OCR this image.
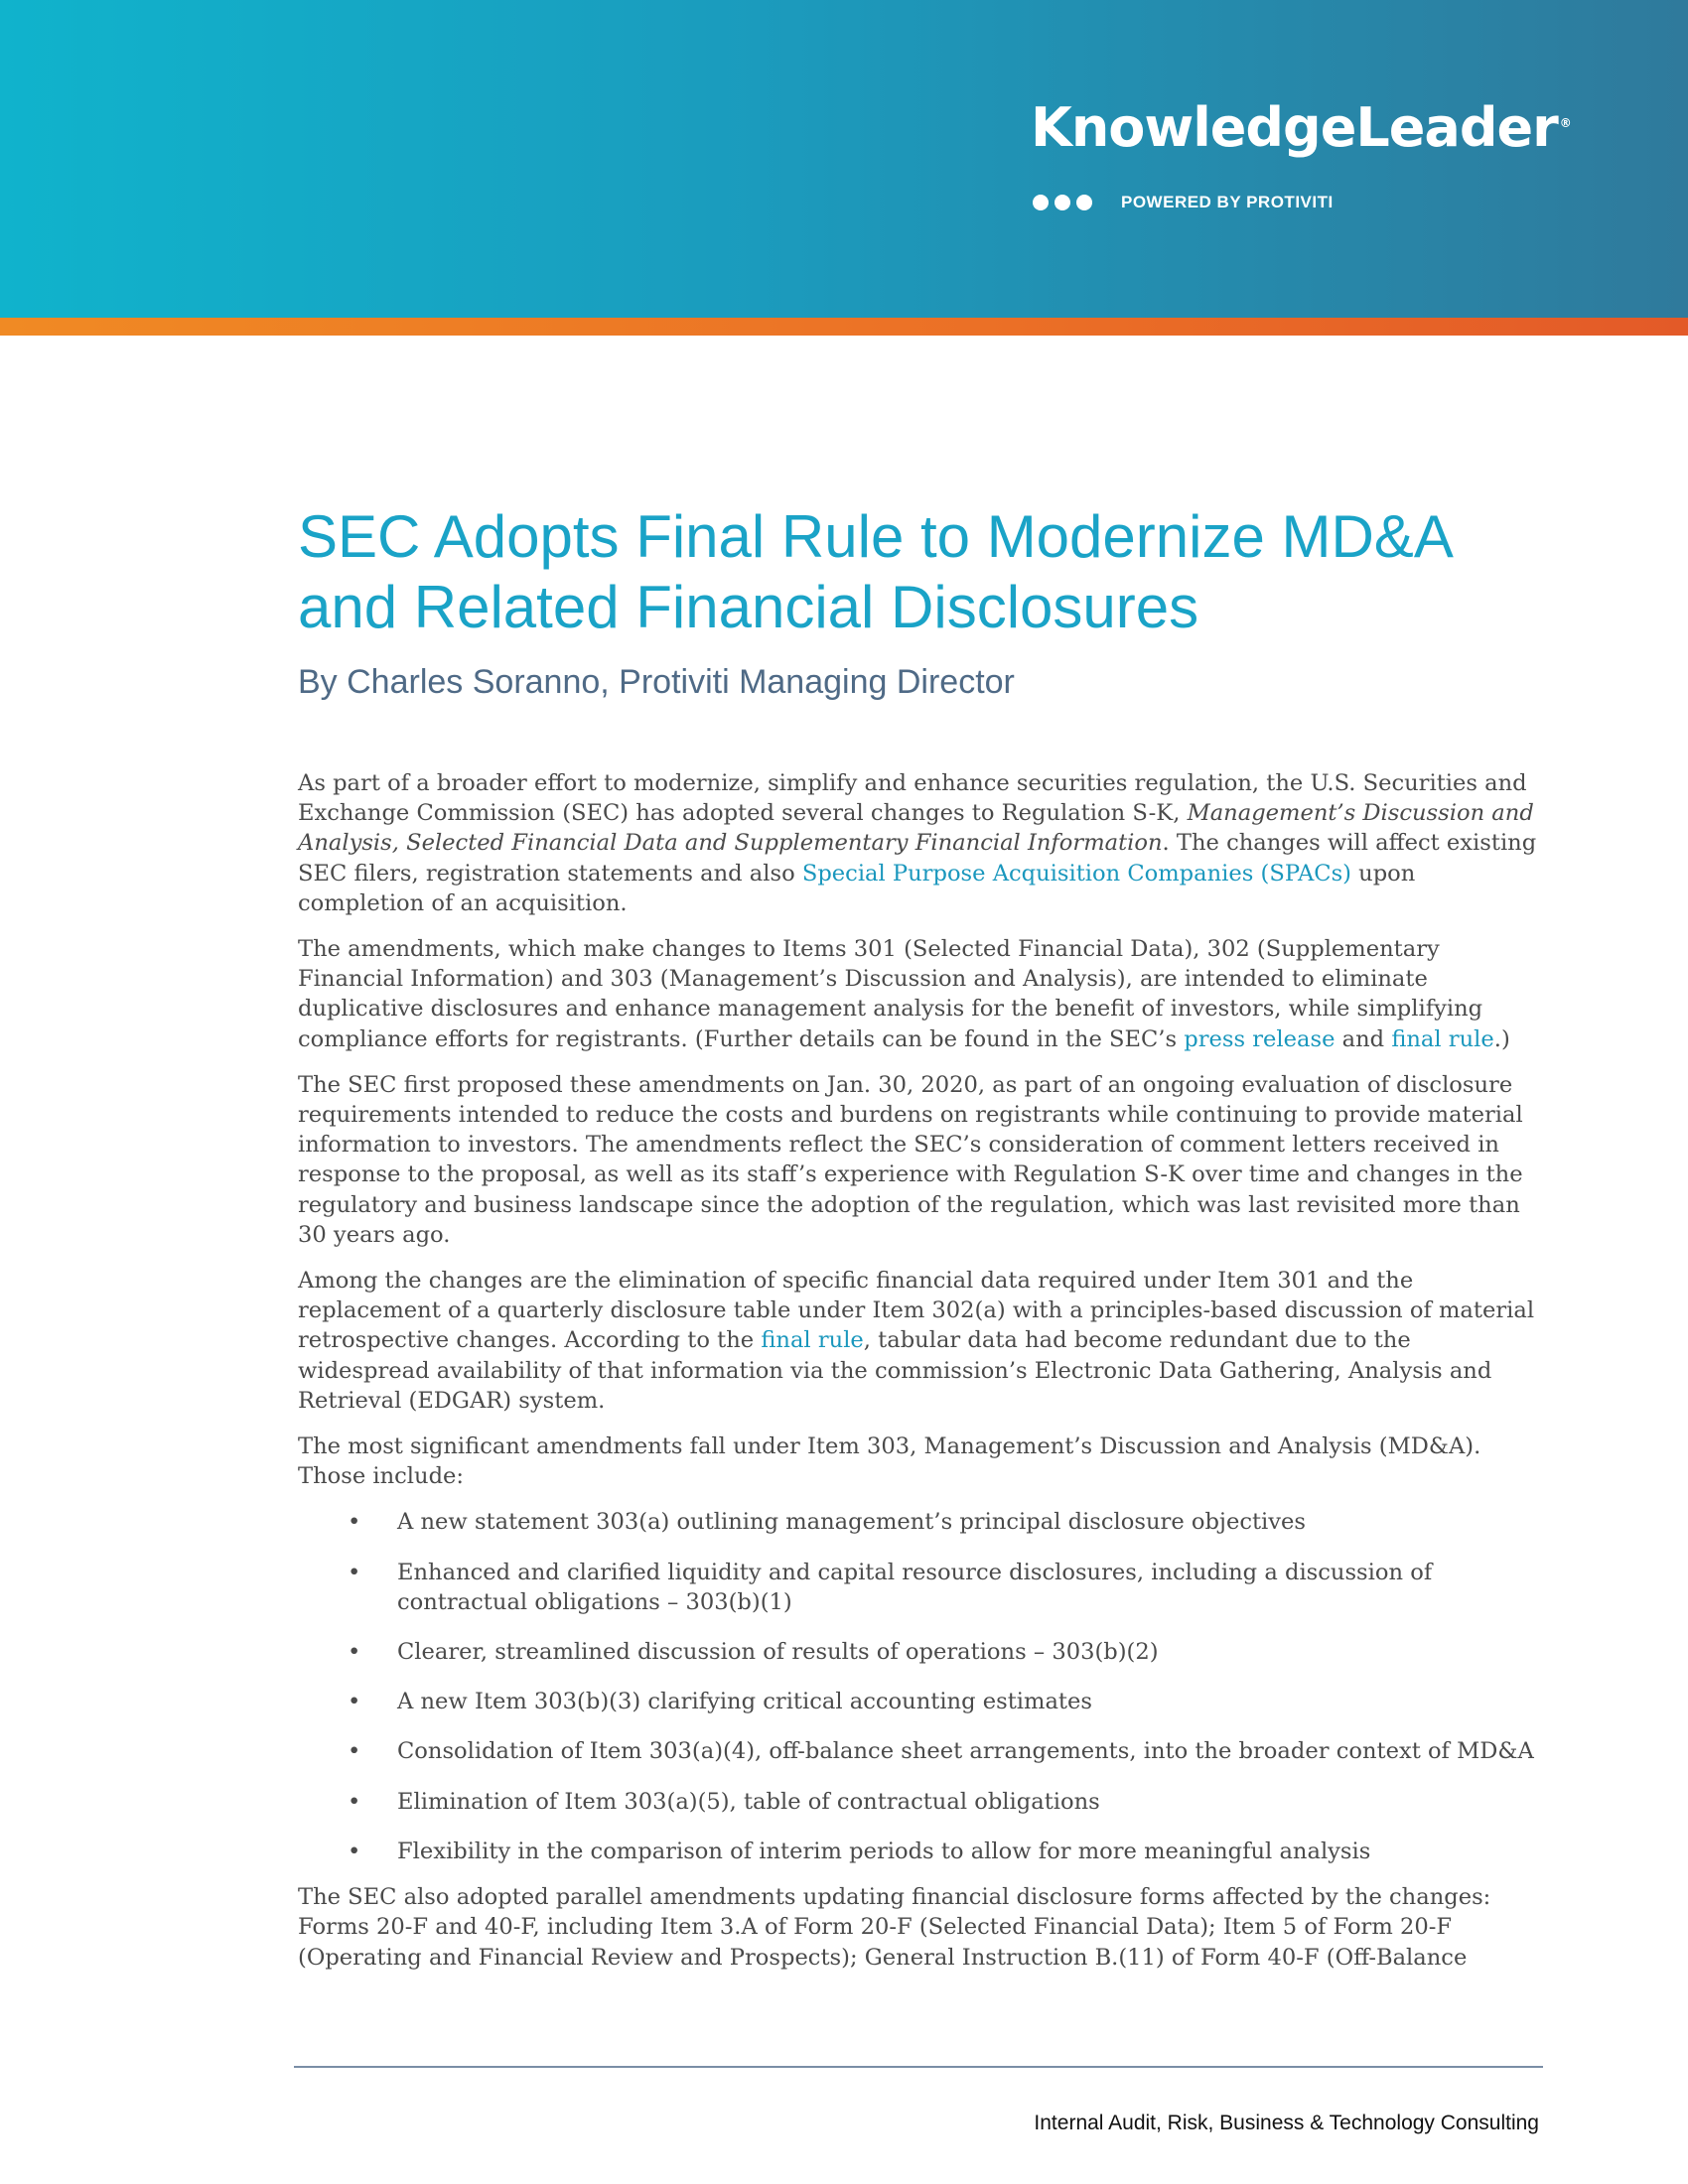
KnowledgeLeader ®
POWERED BY PROTIVITI
SEC Adopts Final Rule to Modernize MD&A and Related Financial Disclosures

By Charles Soranno, Protiviti Managing Director

As part of a broader effort to modernize, simplify and enhance securities regulation, the U.S. Securities and Exchange Commission (SEC) has adopted several changes to Regulation S-K, Management’s Discussion and Analysis, Selected Financial Data and Supplementary Financial Information. The changes will affect existing SEC filers, registration statements and also Special Purpose Acquisition Companies (SPACs) upon completion of an acquisition.

The amendments, which make changes to Items 301 (Selected Financial Data), 302 (Supplementary Financial Information) and 303 (Management’s Discussion and Analysis), are intended to eliminate duplicative disclosures and enhance management analysis for the benefit of investors, while simplifying compliance efforts for registrants. (Further details can be found in the SEC’s press release and final rule.)

The SEC first proposed these amendments on Jan. 30, 2020, as part of an ongoing evaluation of disclosure requirements intended to reduce the costs and burdens on registrants while continuing to provide material information to investors. The amendments reflect the SEC’s consideration of comment letters received in response to the proposal, as well as its staff’s experience with Regulation S-K over time and changes in the regulatory and business landscape since the adoption of the regulation, which was last revisited more than 30 years ago.

Among the changes are the elimination of specific financial data required under Item 301 and the replacement of a quarterly disclosure table under Item 302(a) with a principles-based discussion of material retrospective changes. According to the final rule, tabular data had become redundant due to the widespread availability of that information via the commission’s Electronic Data Gathering, Analysis and Retrieval (EDGAR) system.

The most significant amendments fall under Item 303, Management’s Discussion and Analysis (MD&A). Those include:

• A new statement 303(a) outlining management’s principal disclosure objectives
• Enhanced and clarified liquidity and capital resource disclosures, including a discussion of contractual obligations – 303(b)(1)
• Clearer, streamlined discussion of results of operations – 303(b)(2)
• A new Item 303(b)(3) clarifying critical accounting estimates
• Consolidation of Item 303(a)(4), off-balance sheet arrangements, into the broader context of MD&A
• Elimination of Item 303(a)(5), table of contractual obligations
• Flexibility in the comparison of interim periods to allow for more meaningful analysis

The SEC also adopted parallel amendments updating financial disclosure forms affected by the changes: Forms 20-F and 40-F, including Item 3.A of Form 20-F (Selected Financial Data); Item 5 of Form 20-F (Operating and Financial Review and Prospects); General Instruction B.(11) of Form 40-F (Off-Balance

Internal Audit, Risk, Business & Technology Consulting
